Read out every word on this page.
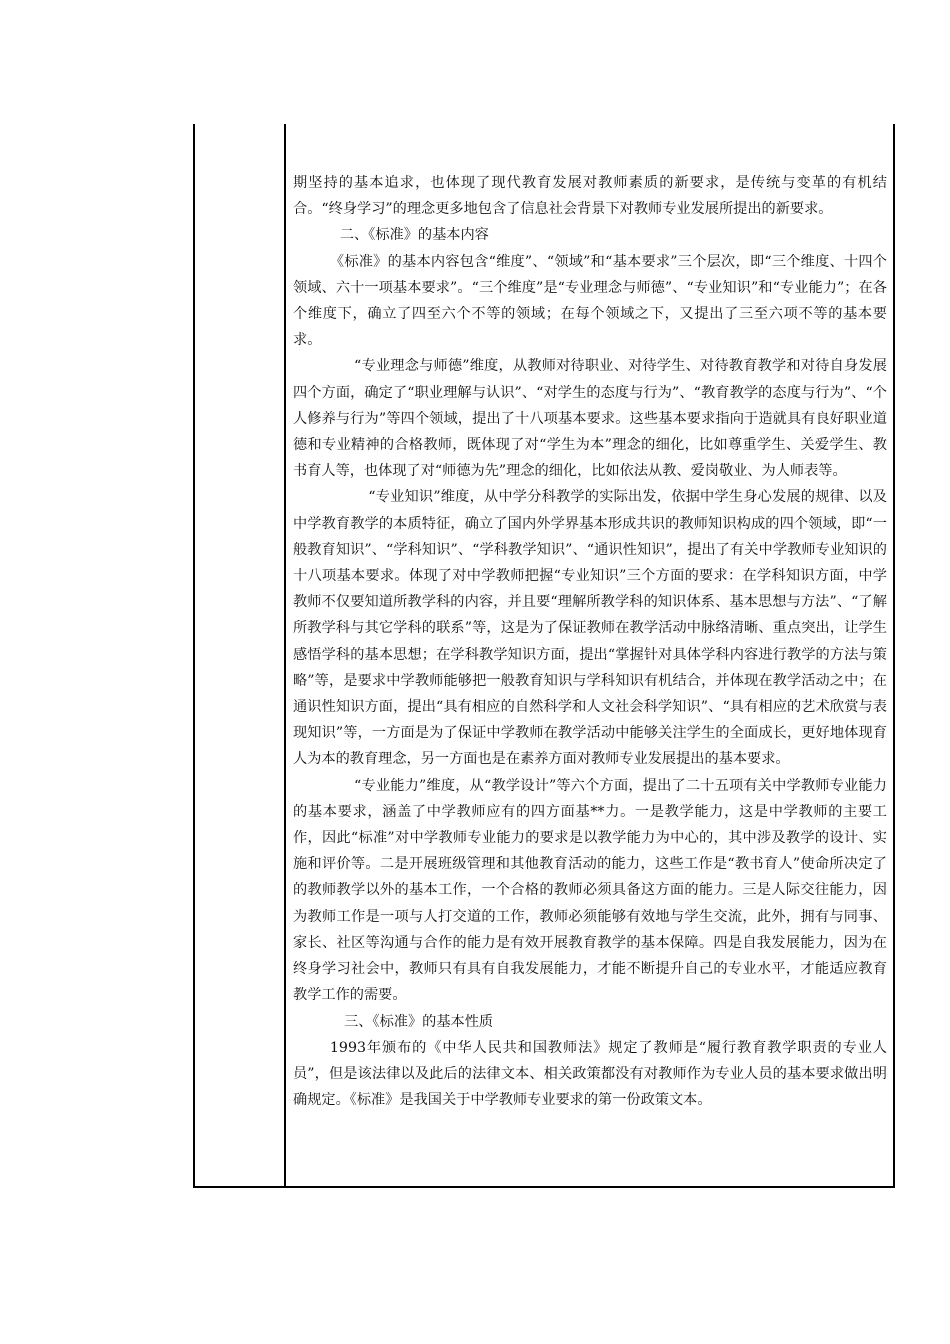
期坚持的基本追求，也体现了现代教育发展对教师素质的新要求，是传统与变革的有机结合。“终身学习”的理念更多地包含了信息社会背景下对教师专业发展所提出的新要求。

二、《标准》的基本内容

《标准》的基本内容包含“维度”、“领域”和“基本要求”三个层次，即“三个维度、十四个领域、六十一项基本要求”。“三个维度”是“专业理念与师德”、“专业知识”和“专业能力”；在各个维度下，确立了四至六个不等的领域；在每个领域之下，又提出了三至六项不等的基本要求。

“专业理念与师德”维度，从教师对待职业、对待学生、对待教育教学和对待自身发展四个方面，确定了“职业理解与认识”、“对学生的态度与行为”、“教育教学的态度与行为”、“个人修养与行为”等四个领域，提出了十八项基本要求。这些基本要求指向于造就具有良好职业道德和专业精神的合格教师，既体现了对“学生为本”理念的细化，比如尊重学生、关爱学生、教书育人等，也体现了对“师德为先”理念的细化，比如依法从教、爱岗敬业、为人师表等。

“专业知识”维度，从中学分科教学的实际出发，依据中学生身心发展的规律、以及中学教育教学的本质特征，确立了国内外学界基本形成共识的教师知识构成的四个领域，即“一般教育知识”、“学科知识”、“学科教学知识”、“通识性知识”，提出了有关中学教师专业知识的十八项基本要求。体现了对中学教师把握“专业知识”三个方面的要求：在学科知识方面，中学教师不仅要知道所教学科的内容，并且要“理解所教学科的知识体系、基本思想与方法”、“了解所教学科与其它学科的联系”等，这是为了保证教师在教学活动中脉络清晰、重点突出，让学生感悟学科的基本思想；在学科教学知识方面，提出“掌握针对具体学科内容进行教学的方法与策略”等，是要求中学教师能够把一般教育知识与学科知识有机结合，并体现在教学活动之中；在通识性知识方面，提出“具有相应的自然科学和人文社会科学知识”、“具有相应的艺术欣赏与表现知识”等，一方面是为了保证中学教师在教学活动中能够关注学生的全面成长，更好地体现育人为本的教育理念，另一方面也是在素养方面对教师专业发展提出的基本要求。

“专业能力”维度，从“教学设计”等六个方面，提出了二十五项有关中学教师专业能力的基本要求，涵盖了中学教师应有的四方面基**力。一是教学能力，这是中学教师的主要工作，因此“标准”对中学教师专业能力的要求是以教学能力为中心的，其中涉及教学的设计、实施和评价等。二是开展班级管理和其他教育活动的能力，这些工作是“教书育人”使命所决定了的教师教学以外的基本工作，一个合格的教师必须具备这方面的能力。三是人际交往能力，因为教师工作是一项与人打交道的工作，教师必须能够有效地与学生交流，此外，拥有与同事、家长、社区等沟通与合作的能力是有效开展教育教学的基本保障。四是自我发展能力，因为在终身学习社会中，教师只有具有自我发展能力，才能不断提升自己的专业水平，才能适应教育教学工作的需要。

三、《标准》的基本性质

1993年颁布的《中华人民共和国教师法》规定了教师是“履行教育教学职责的专业人员”，但是该法律以及此后的法律文本、相关政策都没有对教师作为专业人员的基本要求做出明确规定。《标准》是我国关于中学教师专业要求的第一份政策文本。
